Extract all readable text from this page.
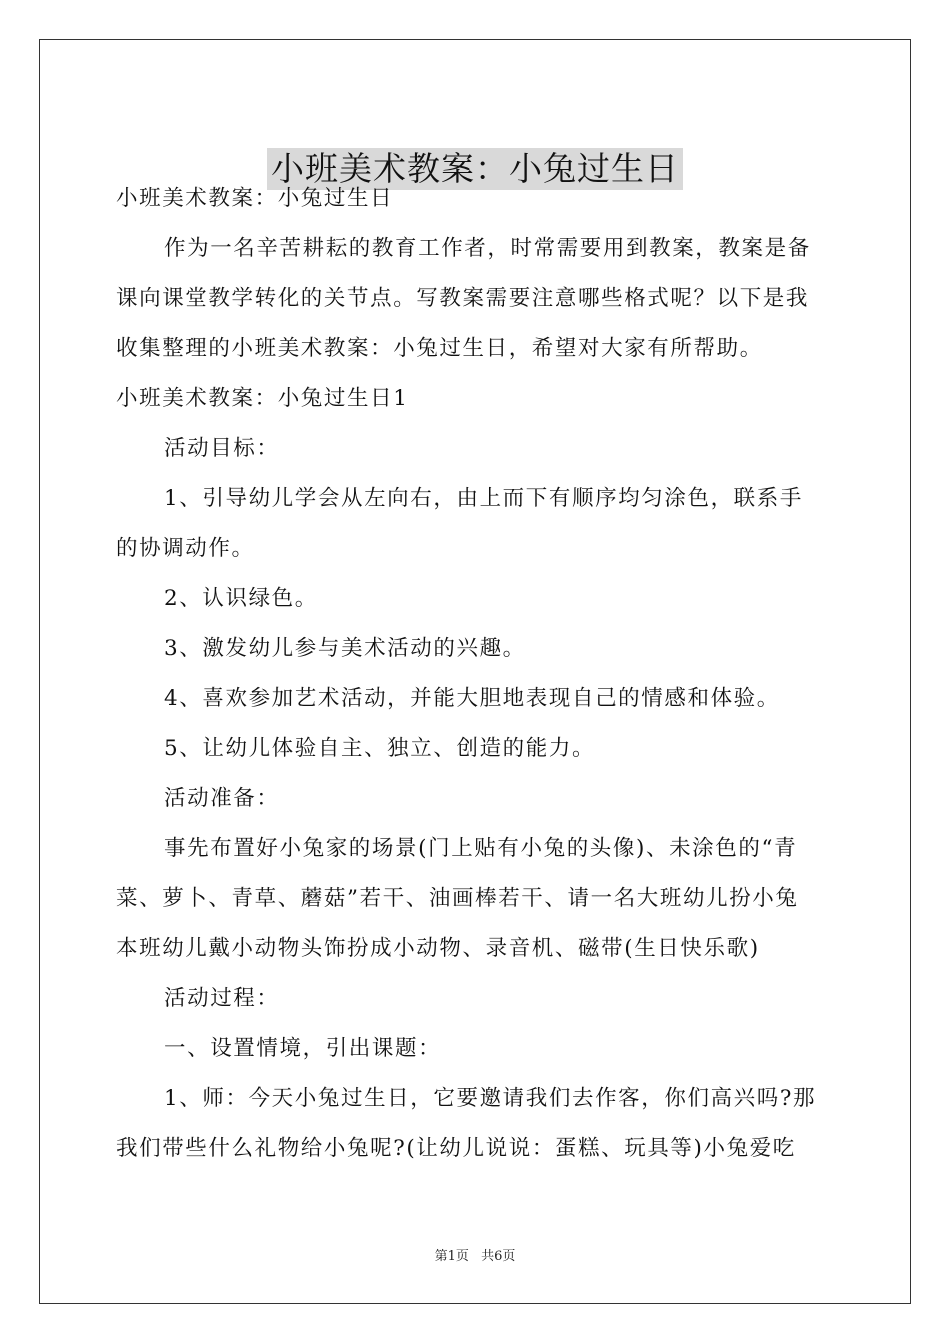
小班美术教案：小兔过生日
小班美术教案：小兔过生日
作为一名辛苦耕耘的教育工作者，时常需要用到教案，教案是备
课向课堂教学转化的关节点。写教案需要注意哪些格式呢？以下是我
收集整理的小班美术教案：小兔过生日，希望对大家有所帮助。
小班美术教案：小兔过生日1
活动目标：
1、引导幼儿学会从左向右，由上而下有顺序均匀涂色，联系手
的协调动作。
2、认识绿色。
3、激发幼儿参与美术活动的兴趣。
4、喜欢参加艺术活动，并能大胆地表现自己的情感和体验。
5、让幼儿体验自主、独立、创造的能力。
活动准备：
事先布置好小兔家的场景(门上贴有小兔的头像)、未涂色的“青
菜、萝卜、青草、蘑菇”若干、油画棒若干、请一名大班幼儿扮小兔
本班幼儿戴小动物头饰扮成小动物、录音机、磁带(生日快乐歌)
活动过程：
一、设置情境，引出课题：
1、师：今天小兔过生日，它要邀请我们去作客，你们高兴吗?那
我们带些什么礼物给小兔呢?(让幼儿说说：蛋糕、玩具等)小兔爱吃
第1页 共6页
